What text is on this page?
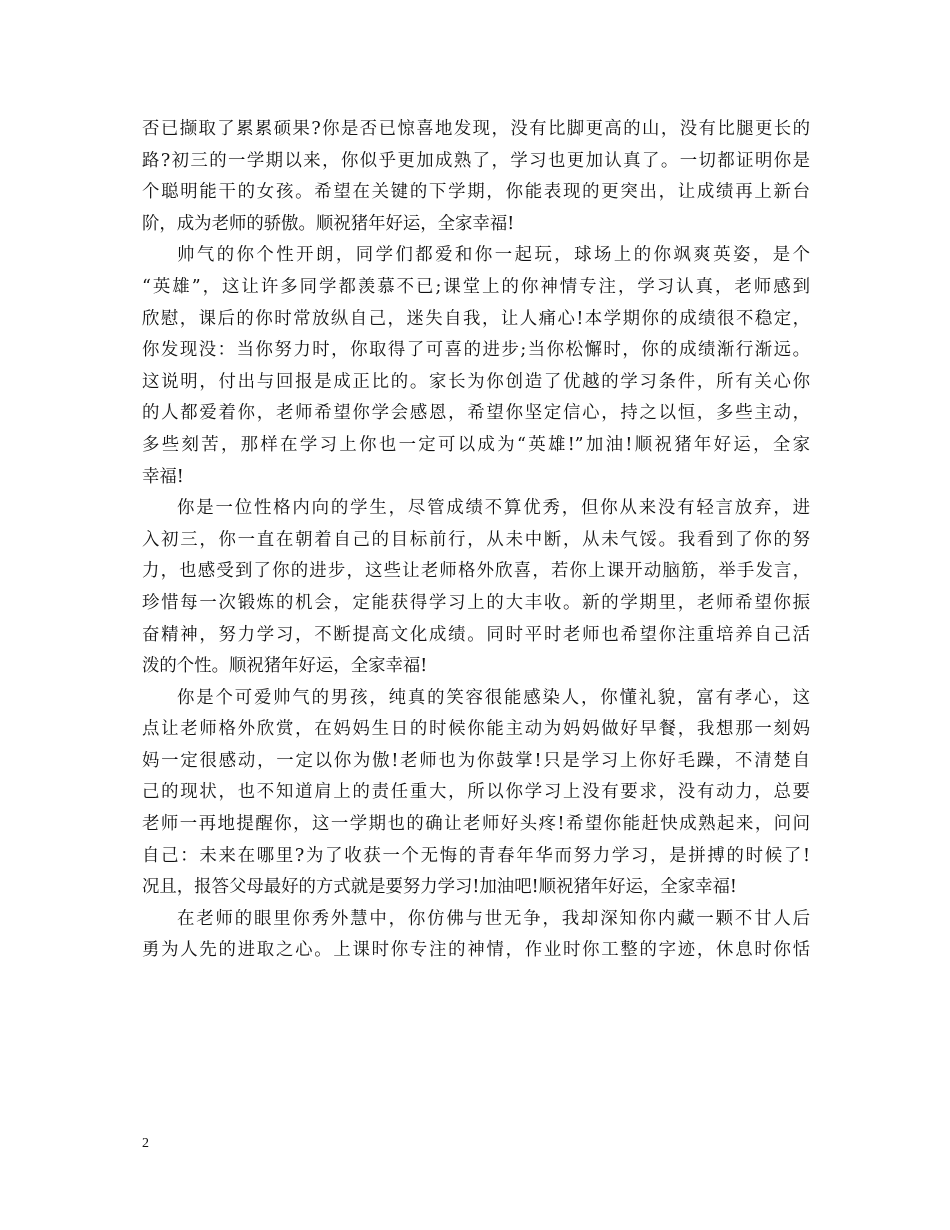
否已撷取了累累硕果?你是否已惊喜地发现，没有比脚更高的山，没有比腿更长的
路?初三的一学期以来，你似乎更加成熟了，学习也更加认真了。一切都证明你是
个聪明能干的女孩。希望在关键的下学期，你能表现的更突出，让成绩再上新台
阶，成为老师的骄傲。顺祝猪年好运，全家幸福!
帅气的你个性开朗，同学们都爱和你一起玩，球场上的你飒爽英姿，是个
“英雄”，这让许多同学都羡慕不已;课堂上的你神情专注，学习认真，老师感到
欣慰，课后的你时常放纵自己，迷失自我，让人痛心!本学期你的成绩很不稳定，
你发现没：当你努力时，你取得了可喜的进步;当你松懈时，你的成绩渐行渐远。
这说明，付出与回报是成正比的。家长为你创造了优越的学习条件，所有关心你
的人都爱着你，老师希望你学会感恩，希望你坚定信心，持之以恒，多些主动，
多些刻苦，那样在学习上你也一定可以成为“英雄!”加油!顺祝猪年好运，全家
幸福!
你是一位性格内向的学生，尽管成绩不算优秀，但你从来没有轻言放弃，进
入初三，你一直在朝着自己的目标前行，从未中断，从未气馁。我看到了你的努
力，也感受到了你的进步，这些让老师格外欣喜，若你上课开动脑筋，举手发言，
珍惜每一次锻炼的机会，定能获得学习上的大丰收。新的学期里，老师希望你振
奋精神，努力学习，不断提高文化成绩。同时平时老师也希望你注重培养自己活
泼的个性。顺祝猪年好运，全家幸福!
你是个可爱帅气的男孩，纯真的笑容很能感染人，你懂礼貌，富有孝心，这
点让老师格外欣赏，在妈妈生日的时候你能主动为妈妈做好早餐，我想那一刻妈
妈一定很感动，一定以你为傲!老师也为你鼓掌!只是学习上你好毛躁，不清楚自
己的现状，也不知道肩上的责任重大，所以你学习上没有要求，没有动力，总要
老师一再地提醒你，这一学期也的确让老师好头疼!希望你能赶快成熟起来，问问
自己：未来在哪里?为了收获一个无悔的青春年华而努力学习，是拼搏的时候了!
况且，报答父母最好的方式就是要努力学习!加油吧!顺祝猪年好运，全家幸福!
在老师的眼里你秀外慧中，你仿佛与世无争，我却深知你内藏一颗不甘人后
勇为人先的进取之心。上课时你专注的神情，作业时你工整的字迹，休息时你恬
2
